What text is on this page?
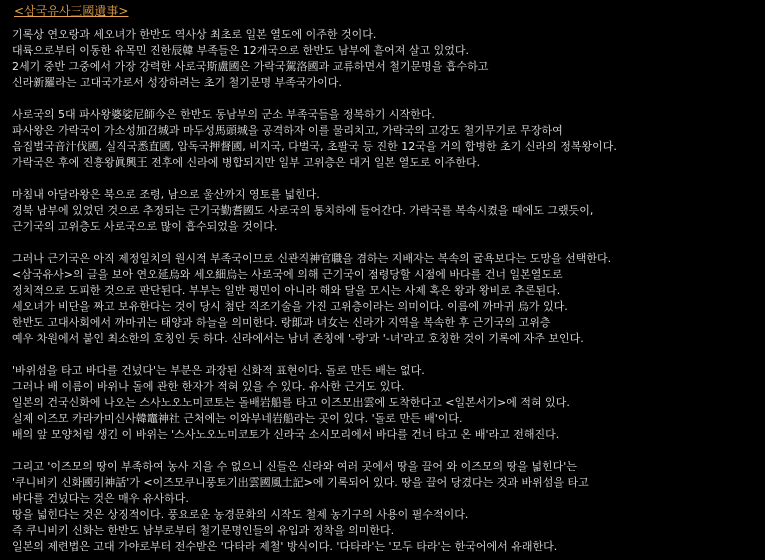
<삼국유사三國遺事>
기록상 연오랑과 세오녀가 한반도 역사상 최초로 일본 열도에 이주한 것이다.
대륙으로부터 이동한 유목민 진한辰韓 부족들은 12개국으로 한반도 남부에 흩어져 살고 있었다.
2세기 중반 그중에서 가장 강력한 사로국斯盧國은 가락국駕洛國과 교류하면서 철기문명을 흡수하고
신라新羅라는 고대국가로서 성장하려는 초기 철기문명 부족국가이다.
사로국의 5대 파사왕婆娑尼師今은 한반도 동남부의 군소 부족국들을 정복하기 시작한다.
파사왕은 가락국이 가소성加召城과 마두성馬頭城을 공격하자 이를 물리치고, 가락국의 고강도 철기무기로 무장하여
음집벌국音汁伐國, 실직국悉直國, 압독국押督國, 비지국, 다벌국, 초팔국 등 진한 12국을 거의 합병한 초기 신라의 정복왕이다.
가락국은 후에 진흥왕眞興王 전후에 신라에 병합되지만 일부 고위층은 대거 일본 열도로 이주한다.
마침내 아달라왕은 북으로 조령, 남으로 울산까지 영토를 넓힌다.
경북 남부에 있었던 것으로 추정되는 근기국勤耆國도 사로국의 통치하에 들어간다. 가락국를 복속시켰을 때에도 그랬듯이,
근기국의 고위층도 사로국으로 많이 흡수되었을 것이다.
그러나 근기국은 아직 제정일치의 원시적 부족국이므로 신관직神官職을 겸하는 지배자는 복속의 굴욕보다는 도망을 선택한다.
<삼국유사>의 글을 보아 연오延烏와 세오細烏는 사로국에 의해 근기국이 점령당할 시점에 바다를 건너 일본열도로
정치적으로 도피한 것으로 판단된다. 부부는 일반 평민이 아니라 해와 달을 모시는 사제 혹은 왕과 왕비로 추론된다.
세오녀가 비단을 짜고 보유한다는 것이 당시 첨단 직조기술을 가진 고위층이라는 의미이다. 이름에 까마귀 烏가 있다.
한반도 고대사회에서 까마귀는 태양과 하늘을 의미한다. 랑郞과 녀女는 신라가 지역을 복속한 후 근기국의 고위층
예우 차원에서 붙인 최소한의 호칭인 듯 하다. 신라에서는 남녀 존칭에 '-랑'과 '-녀'라고 호칭한 것이 기록에 자주 보인다.
'바위섬을 타고 바다를 건넜다'는 부분은 과장된 신화적 표현이다. 돌로 만든 배는 없다.
그러나 배 이름이 바위나 돌에 관한 한자가 적혀 있을 수 있다. 유사한 근거도 있다.
일본의 건국신화에 나오는 스사노오노미코토는 돌배岩船를 타고 이즈모出雲에 도착한다고 <일본서기>에 적혀 있다.
실제 이즈모 카라카미신사韓竈神社 근처에는 이와부네岩船라는 곳이 있다. '돌로 만든 배'이다.
배의 앞 모양처럼 생긴 이 바위는 '스사노오노미코토가 신라국 소시모리에서 바다를 건너 타고 온 배'라고 전해진다.
그리고 '이즈모의 땅이 부족하여 농사 지을 수 없으니 신들은 신라와 여러 곳에서 땅을 끌어 와 이즈모의 땅을 넓힌다'는
'쿠니비키 신화國引神話'가 <이즈모쿠니풍토기出雲國風土記>에 기록되어 있다. 땅을 끌어 당겼다는 것과 바위섬을 타고
바다를 건넜다는 것은 매우 유사하다.
땅을 넓힌다는 것은 상징적이다. 풍요로운 농경문화의 시작도 철제 농기구의 사용이 필수적이다.
즉 쿠니비키 신화는 한반도 남부로부터 철기문명인들의 유입과 정착을 의미한다.
일본의 제련법은 고대 가야로부터 전수받은 '다타라 제철' 방식이다. '다타라'는 '모두 타라'는 한국어에서 유래한다.
